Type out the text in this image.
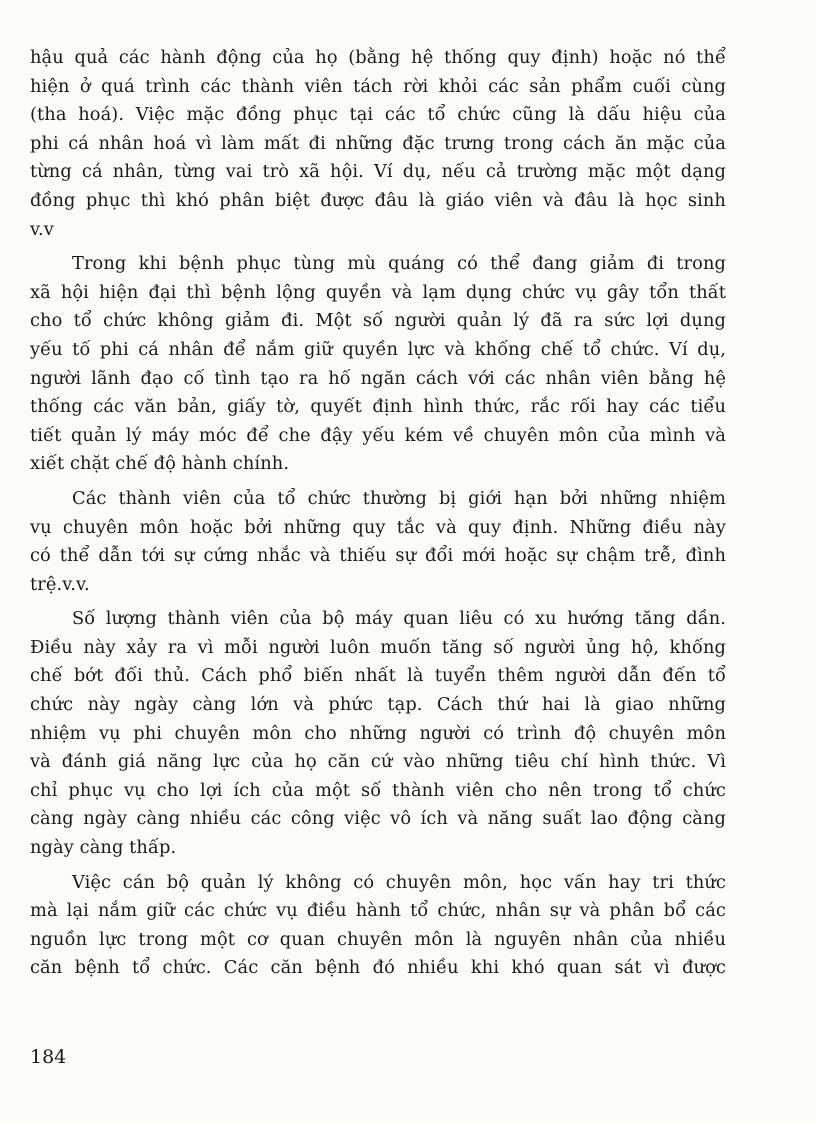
hậu quả các hành động của họ (bằng hệ thống quy định) hoặc nó thể
hiện ở quá trình các thành viên tách rời khỏi các sản phẩm cuối cùng
(tha hoá). Việc mặc đồng phục tại các tổ chức cũng là dấu hiệu của
phi cá nhân hoá vì làm mất đi những đặc trưng trong cách ăn mặc của
từng cá nhân, từng vai trò xã hội. Ví dụ, nếu cả trường mặc một dạng
đồng phục thì khó phân biệt được đâu là giáo viên và đâu là học sinh
v.v
Trong khi bệnh phục tùng mù quáng có thể đang giảm đi trong
xã hội hiện đại thì bệnh lộng quyền và lạm dụng chức vụ gây tổn thất
cho tổ chức không giảm đi. Một số người quản lý đã ra sức lợi dụng
yếu tố phi cá nhân để nắm giữ quyền lực và khống chế tổ chức. Ví dụ,
người lãnh đạo cố tình tạo ra hố ngăn cách với các nhân viên bằng hệ
thống các văn bản, giấy tờ, quyết định hình thức, rắc rối hay các tiểu
tiết quản lý máy móc để che đậy yếu kém về chuyên môn của mình và
xiết chặt chế độ hành chính.
Các thành viên của tổ chức thường bị giới hạn bởi những nhiệm
vụ chuyên môn hoặc bởi những quy tắc và quy định. Những điều này
có thể dẫn tới sự cứng nhắc và thiếu sự đổi mới hoặc sự chậm trễ, đình
trệ.v.v.
Số lượng thành viên của bộ máy quan liêu có xu hướng tăng dần.
Điều này xảy ra vì mỗi người luôn muốn tăng số người ủng hộ, khống
chế bớt đối thủ. Cách phổ biến nhất là tuyển thêm người dẫn đến tổ
chức này ngày càng lớn và phức tạp. Cách thứ hai là giao những
nhiệm vụ phi chuyên môn cho những người có trình độ chuyên môn
và đánh giá năng lực của họ căn cứ vào những tiêu chí hình thức. Vì
chỉ phục vụ cho lợi ích của một số thành viên cho nên trong tổ chức
càng ngày càng nhiều các công việc vô ích và năng suất lao động càng
ngày càng thấp.
Việc cán bộ quản lý không có chuyên môn, học vấn hay tri thức
mà lại nắm giữ các chức vụ điều hành tổ chức, nhân sự và phân bổ các
nguồn lực trong một cơ quan chuyên môn là nguyên nhân của nhiều
căn bệnh tổ chức. Các căn bệnh đó nhiều khi khó quan sát vì được
184
